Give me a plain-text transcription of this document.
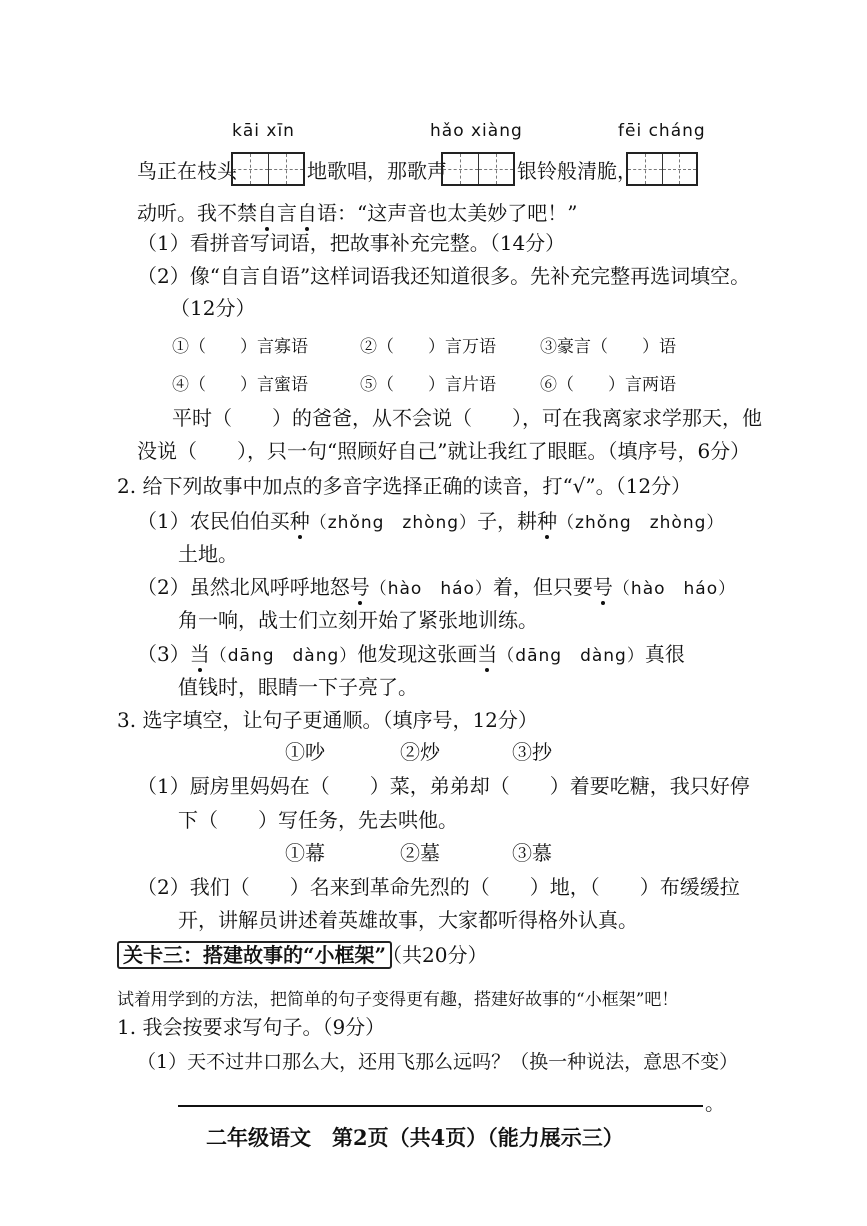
kāi xīn	hǎo xiàng	fēi cháng
鸟正在枝头	地歌唱，那歌声	银铃般清脆，
动听。我不禁自言自语：“这声音也太美妙了吧！”
（1）看拼音写词语，把故事补充完整。（14分）
（2）像“自言自语”这样词语我还知道很多。先补充完整再选词填空。
（12分）
①（　　）言寡语	②（　　）言万语	③豪言（　　）语
④（　　）言蜜语	⑤（　　）言片语	⑥（　　）言两语
平时（　　）的爸爸，从不会说（　　），可在我离家求学那天，他
没说（　　），只一句“照顾好自己”就让我红了眼眶。（填序号，6分）
2. 给下列故事中加点的多音字选择正确的读音，打“√”。（12分）
（1）农民伯伯买种（zhǒng　zhòng）子，耕种（zhǒng　zhòng）
土地。
（2）虽然北风呼呼地怒号（hào　háo）着，但只要号（hào　háo）
角一响，战士们立刻开始了紧张地训练。
（3）当（dāng　dàng）他发现这张画当（dāng　dàng）真很
值钱时，眼睛一下子亮了。
3. 选字填空，让句子更通顺。（填序号，12分）
①吵	②炒	③抄
（1）厨房里妈妈在（　　）菜，弟弟却（　　）着要吃糖，我只好停
下（　　）写任务，先去哄他。
①幕	②墓	③慕
（2）我们（　　）名来到革命先烈的（　　）地，（　　）布缓缓拉
开，讲解员讲述着英雄故事，大家都听得格外认真。
关卡三：搭建故事的“小框架” （共20分）
试着用学到的方法，把简单的句子变得更有趣，搭建好故事的“小框架”吧！
1. 我会按要求写句子。（9分）
（1）天不过井口那么大，还用飞那么远吗？（换一种说法，意思不变）
。
二年级语文　第2页（共4页）（能力展示三）
